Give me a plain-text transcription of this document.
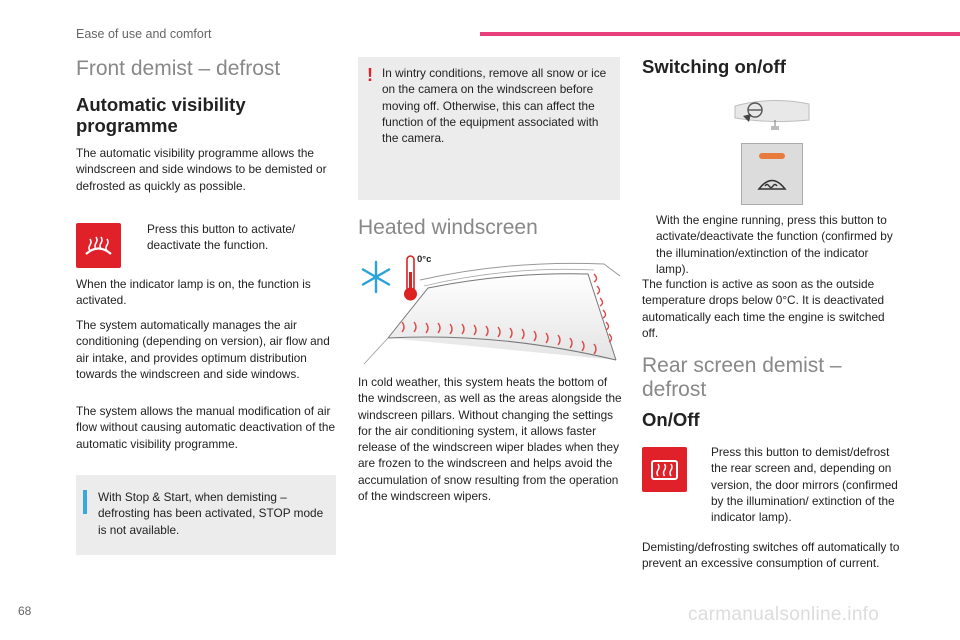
Ease of use and comfort
Front demist – defrost
Automatic visibility programme
The automatic visibility programme allows the windscreen and side windows to be demisted or defrosted as quickly as possible.
Press this button to activate/ deactivate the function.
When the indicator lamp is on, the function is activated.
The system automatically manages the air conditioning (depending on version), air flow and air intake, and provides optimum distribution towards the windscreen and side windows.
The system allows the manual modification of air flow without causing automatic deactivation of the automatic visibility programme.
With Stop & Start, when demisting – defrosting has been activated, STOP mode is not available.
! In wintry conditions, remove all snow or ice on the camera on the windscreen before moving off. Otherwise, this can affect the function of the equipment associated with the camera.
Heated windscreen
0°c
In cold weather, this system heats the bottom of the windscreen, as well as the areas alongside the windscreen pillars. Without changing the settings for the air conditioning system, it allows faster release of the windscreen wiper blades when they are frozen to the windscreen and helps avoid the accumulation of snow resulting from the operation of the windscreen wipers.
Switching on/off
With the engine running, press this button to activate/deactivate the function (confirmed by the illumination/extinction of the indicator lamp).
The function is active as soon as the outside temperature drops below 0°C. It is deactivated automatically each time the engine is switched off.
Rear screen demist – defrost
On/Off
Press this button to demist/defrost the rear screen and, depending on version, the door mirrors (confirmed by the illumination/ extinction of the indicator lamp).
Demisting/defrosting switches off automatically to prevent an excessive consumption of current.
68	carmanualsonline.info
